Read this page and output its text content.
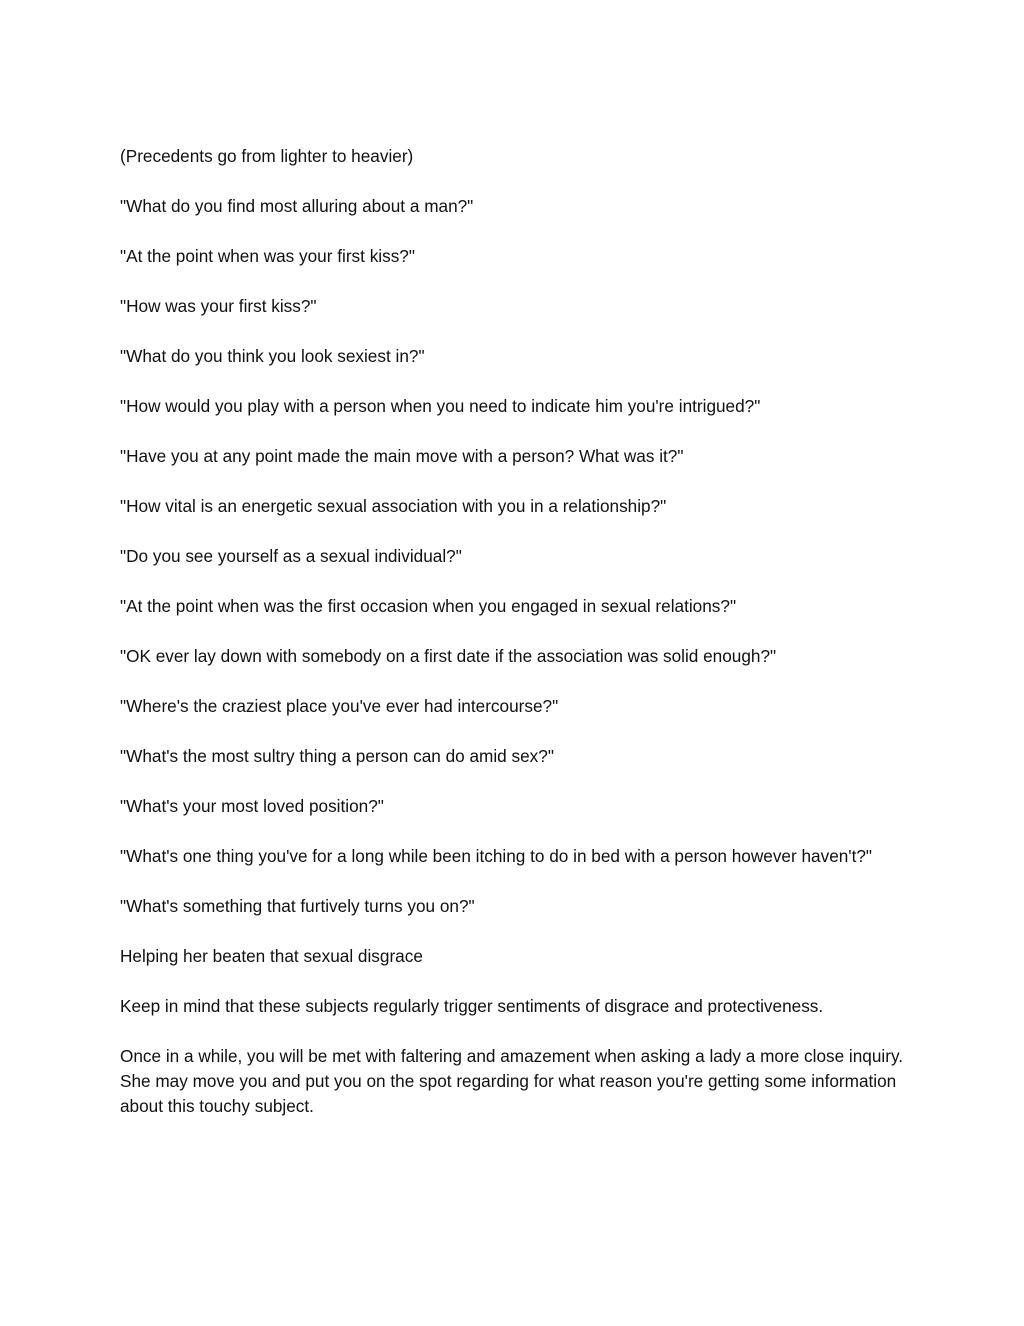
(Precedents go from lighter to heavier)

"What do you find most alluring about a man?"

"At the point when was your first kiss?"

"How was your first kiss?"

"What do you think you look sexiest in?"

"How would you play with a person when you need to indicate him you're intrigued?"

"Have you at any point made the main move with a person? What was it?"

"How vital is an energetic sexual association with you in a relationship?"

"Do you see yourself as a sexual individual?"

"At the point when was the first occasion when you engaged in sexual relations?"

"OK ever lay down with somebody on a first date if the association was solid enough?"

"Where's the craziest place you've ever had intercourse?"

"What's the most sultry thing a person can do amid sex?"

"What's your most loved position?"

"What's one thing you've for a long while been itching to do in bed with a person however haven't?"

"What's something that furtively turns you on?"

Helping her beaten that sexual disgrace

Keep in mind that these subjects regularly trigger sentiments of disgrace and protectiveness.

Once in a while, you will be met with faltering and amazement when asking a lady a more close inquiry. She may move you and put you on the spot regarding for what reason you're getting some information about this touchy subject.
